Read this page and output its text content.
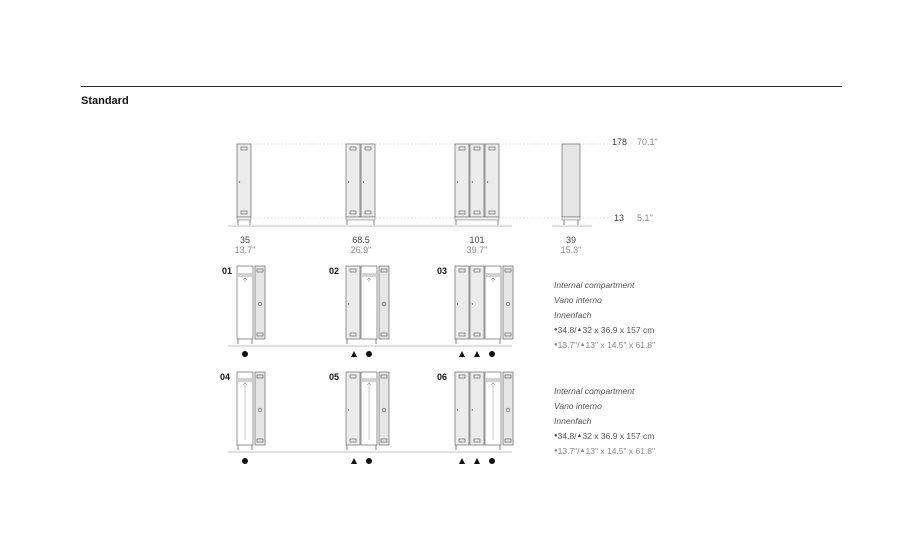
Standard
178 70.1"
13 5.1"
35
13.7"
68.5
26.9"
101
39.7"
39
15.3"
01	02	03
04	05	06
Internal compartment
Vano interno
Innenfach
●34.8/▲32 x 36.9 x 157 cm
●13.7"/▲13" x 14.5" x 61.8"
Internal compartment
Vano interno
Innenfach
●34.8/▲32 x 36.9 x 157 cm
●13.7"/▲13" x 14.5" x 61.8"
